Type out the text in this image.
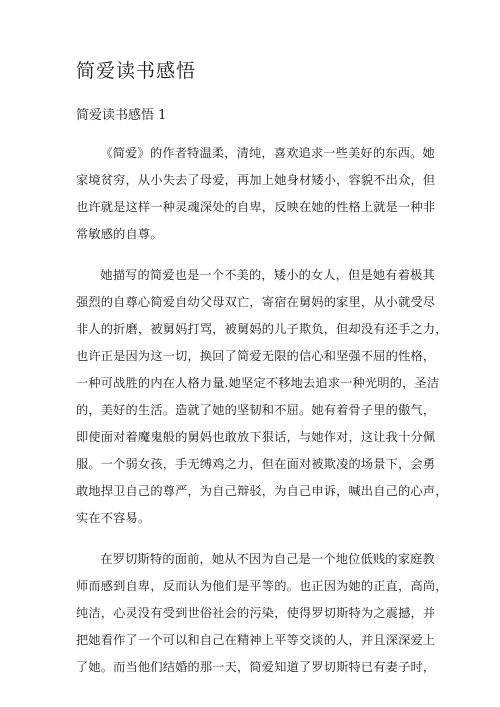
简爱读书感悟
简爱读书感悟 1
《简爱》的作者特温柔，清纯，喜欢追求一些美好的东西。她
家境贫穷，从小失去了母爱，再加上她身材矮小，容貌不出众，但
也许就是这样一种灵魂深处的自卑，反映在她的性格上就是一种非
常敏感的自尊。
她描写的简爱也是一个不美的，矮小的女人，但是她有着极其
强烈的自尊心简爱自幼父母双亡，寄宿在舅妈的家里，从小就受尽
非人的折磨，被舅妈打骂，被舅妈的儿子欺负，但却没有还手之力，
也许正是因为这一切，换回了简爱无限的信心和坚强不屈的性格，
一种可战胜的内在人格力量.她坚定不移地去追求一种光明的，圣洁
的，美好的生活。造就了她的坚韧和不屈。她有着骨子里的傲气，
即使面对着魔鬼般的舅妈也敢放下狠话，与她作对，这让我十分佩
服。一个弱女孩，手无缚鸡之力，但在面对被欺凌的场景下，会勇
敢地捍卫自己的尊严，为自己辩驳，为自己申诉，喊出自己的心声，
实在不容易。
在罗切斯特的面前，她从不因为自己是一个地位低贱的家庭教
师而感到自卑，反而认为他们是平等的。也正因为她的正直，高尚，
纯洁，心灵没有受到世俗社会的污染，使得罗切斯特为之震撼，并
把她看作了一个可以和自己在精神上平等交谈的人，并且深深爱上
了她。而当他们结婚的那一天，简爱知道了罗切斯特已有妻子时，
